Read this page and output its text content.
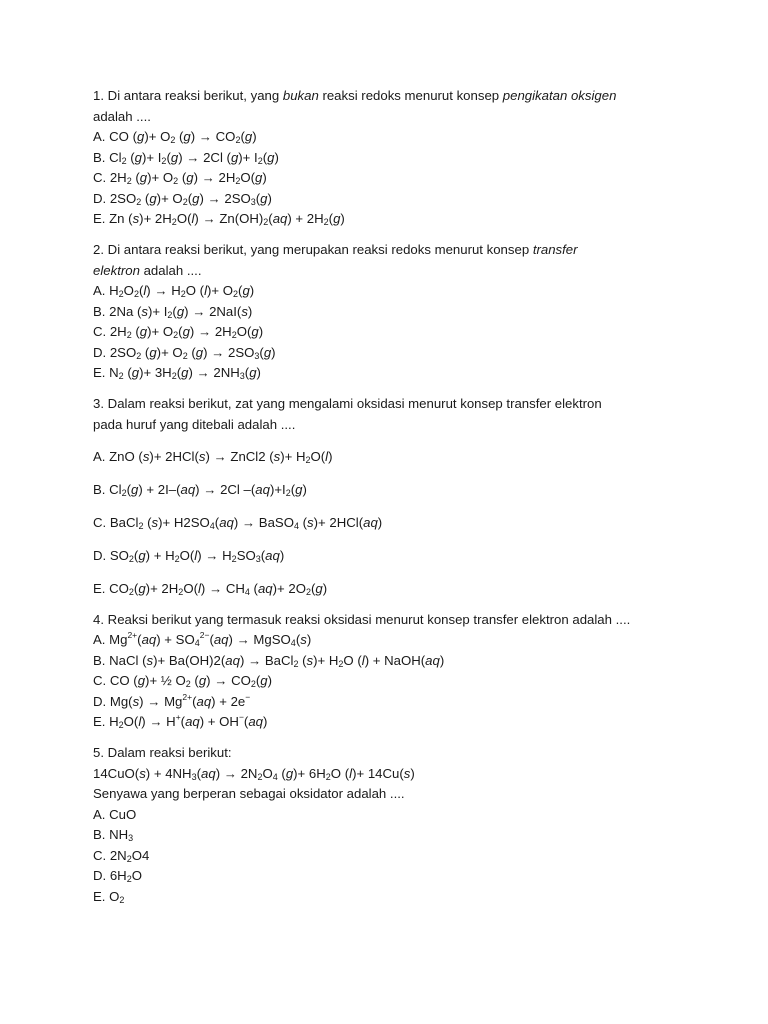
1. Di antara reaksi berikut, yang bukan reaksi redoks menurut konsep pengikatan oksigen
adalah ....
A. CO $(g)+ O_2$ $(g) \to CO_2(g)$
B. $Cl_2$ $(g)+ I_2(g) \to 2Cl$ $(g)+ I_2(g)$
C. $2H_2$ $(g)+ O_2$ $(g) \to 2H_2O(g)$
D. $2SO_2$ $(g)+ O_2(g) \to 2SO_3(g)$
E. Zn $(s)+ 2H_2O(l) \to Zn(OH)_2(aq) + 2H_2(g)$
2. Di antara reaksi berikut, yang merupakan reaksi redoks menurut konsep transfer
elektron adalah ....
A. $H_2O_2(l) \to H_2O$ $(l)+ O_2(g)$
B. 2Na $(s)+ I_2(g) \to 2NaI(s)$
C. $2H_2$ $(g)+ O_2(g) \to 2H_2O(g)$
D. $2SO_2$ $(g)+ O_2$ $(g) \to 2SO_3(g)$
E. $N_2$ $(g)+ 3H_2(g) \to 2NH_3(g)$
3. Dalam reaksi berikut, zat yang mengalami oksidasi menurut konsep transfer elektron
pada huruf yang ditebali adalah ....
A. ZnO (s)+ 2HCl(s) → ZnCl2 $(s)+ H_2O(l)$
B. $Cl_2(g) + 2I-(aq) \to 2Cl$ $-(aq)+I_2(g)$
C. BaCl$_2$ $(s)+ H2SO_4(aq)$ → BaSO$_4$ (s)+ 2HCl(aq)
D. $SO_2(g) + H_2O(l) \to H_2SO_3(aq)$
E. $CO_2(g)+ 2H_2O(l) \to CH_4$ $(aq)+ 2O_2(g)$
4. Reaksi berikut yang termasuk reaksi oksidasi menurut konsep transfer elektron adalah ....
A. $Mg^{2+}(aq) + SO_4^{2-}(aq)$ → MgSO$_4$(s)
B. NaCl (s)+ Ba(OH)2(aq) → BaCl$_2$ $(s)+ H_2O$ (l) + NaOH(aq)
C. CO (g)+ ½ $O_2$ $(g) \to CO_2(g)$
D. $Mg(s) \to Mg^{2+}(aq) + 2e^-$
E. $H_2O(l) \to H^+(aq) + OH^-(aq)$
5. Dalam reaksi berikut:
$14CuO(s) + 4NH_3(aq) \to 2N_2O_4$ $(g)+ 6H_2O$ (l)+ 14Cu(s)
Senyawa yang berperan sebagai oksidator adalah ....
A. CuO
B. $NH_3$
C. $2N_2O4$
D. $6H_2O$
E. $O_2$
